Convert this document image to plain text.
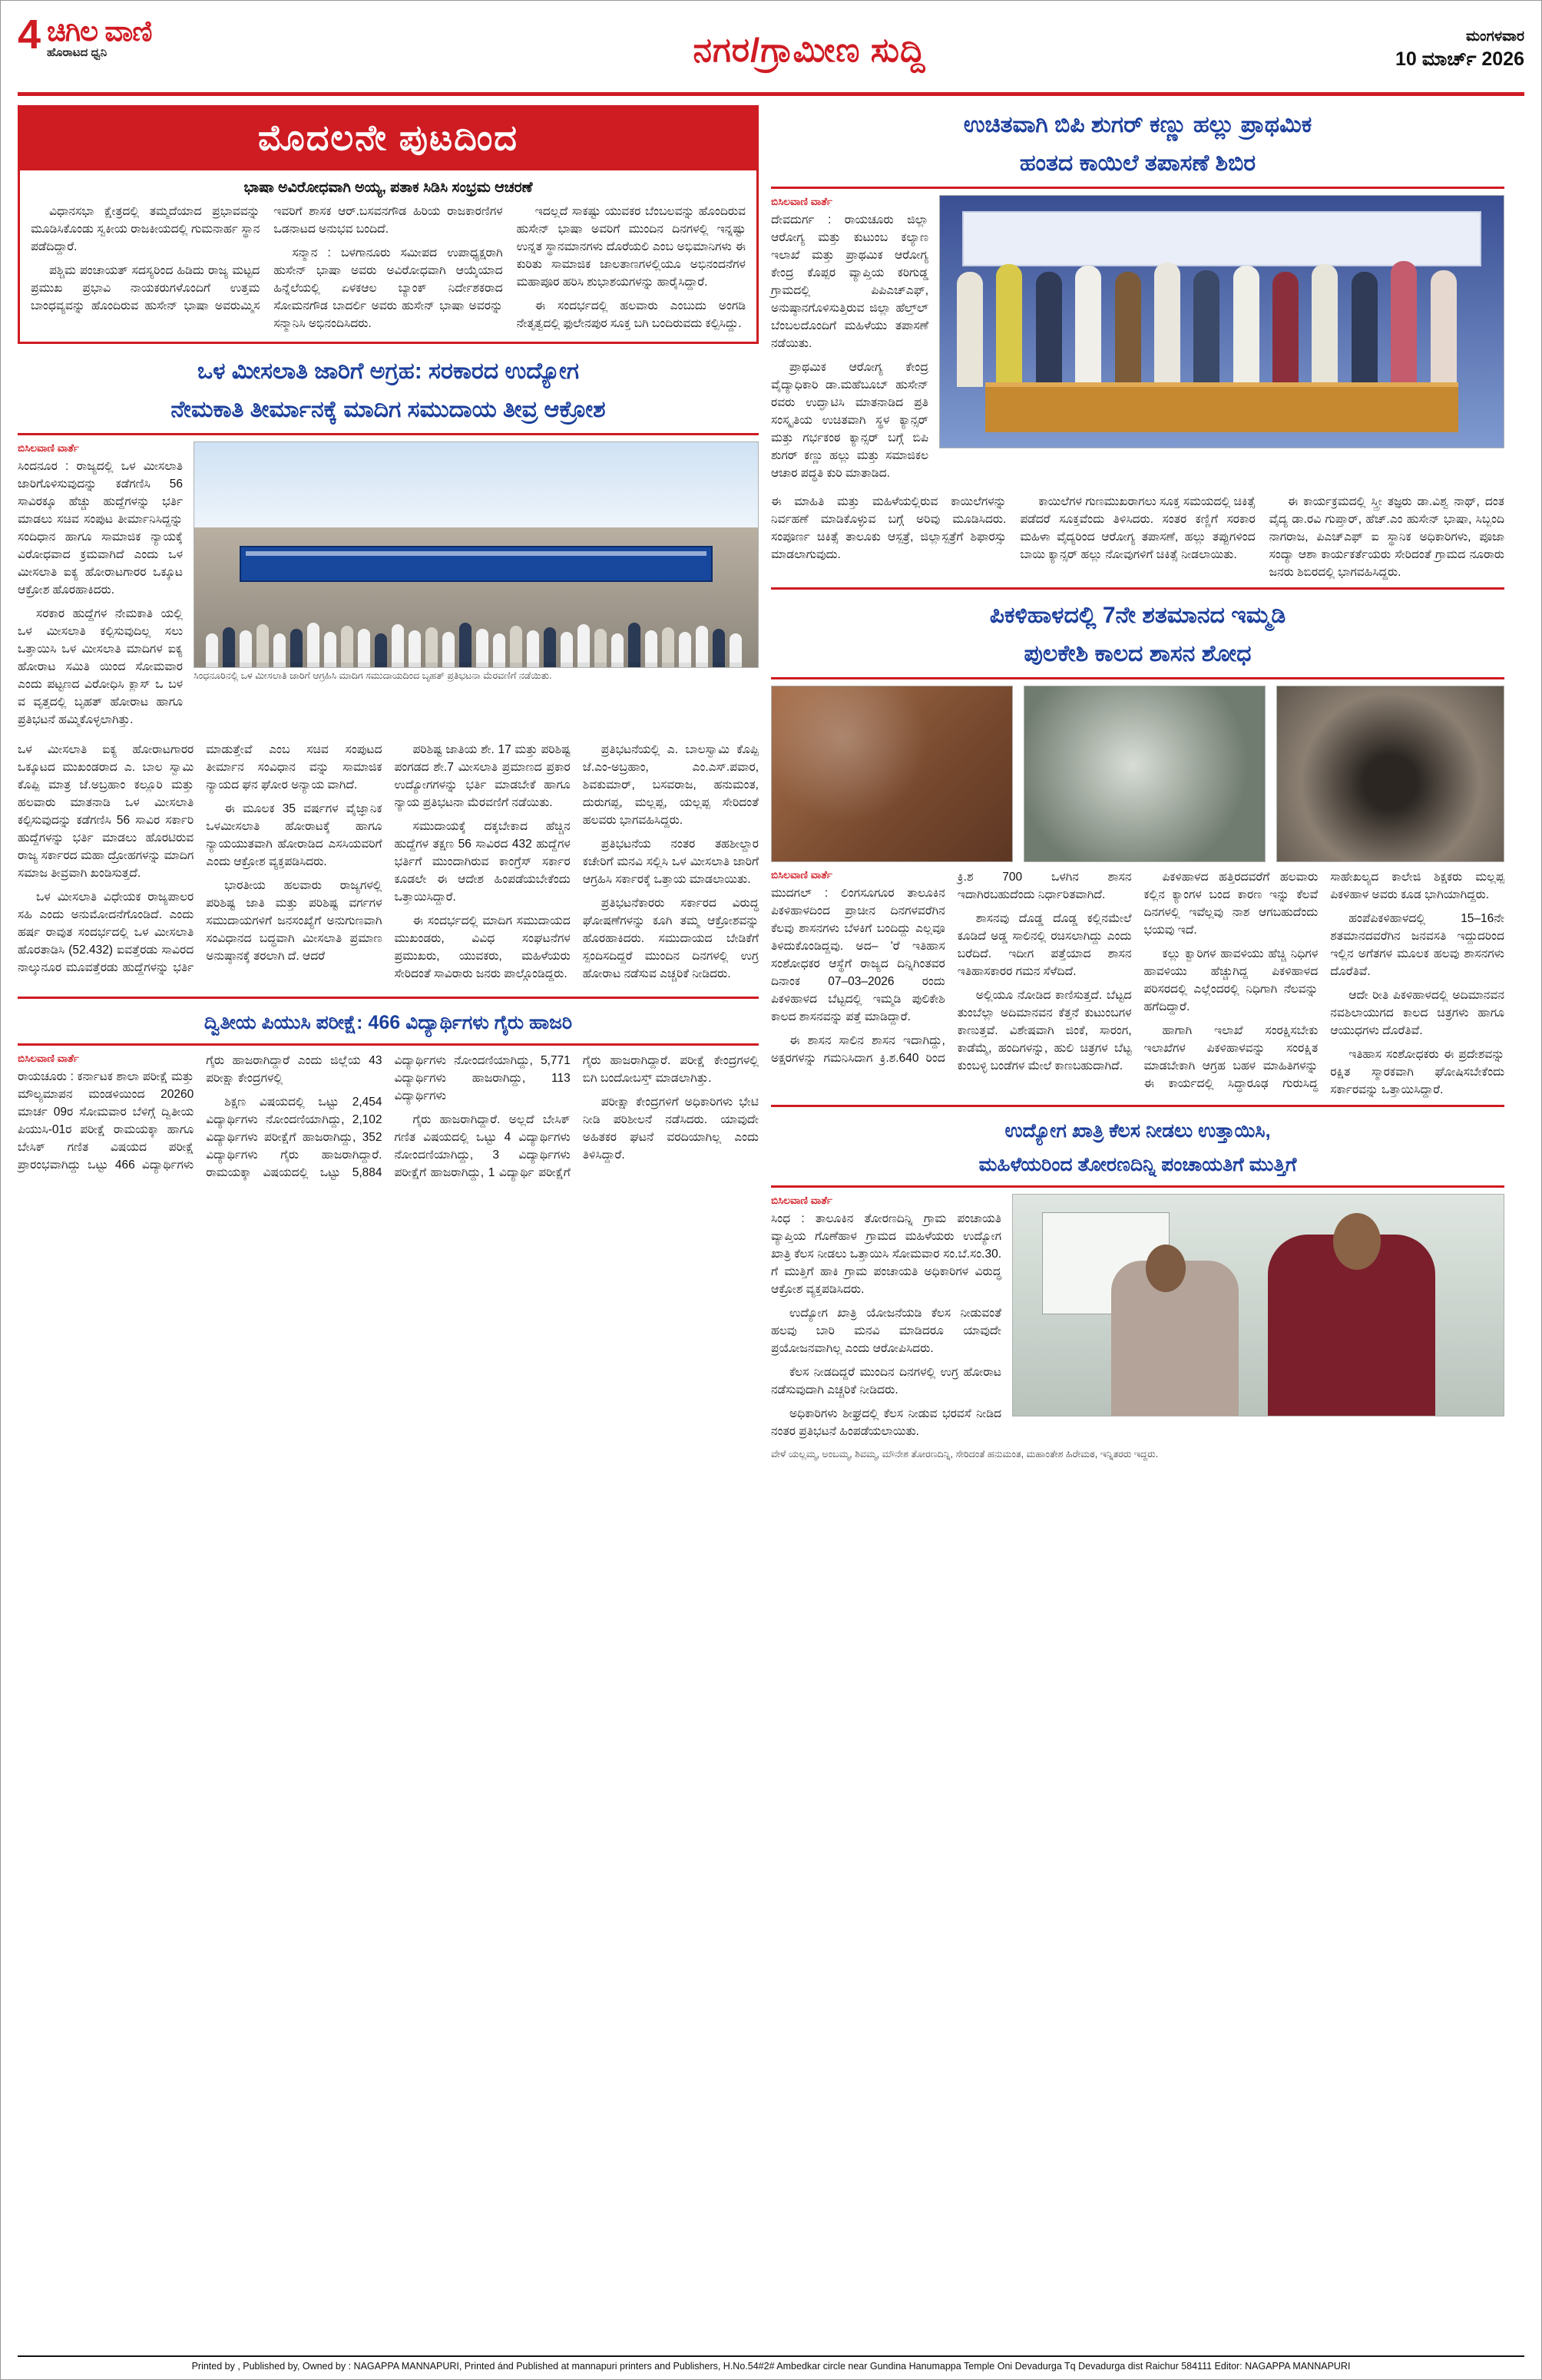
4 ಚಿಗಿಲ ವಾಣಿ
ಹೊರಾಟದ ಧ್ವನಿ	ನಗರ/ಗ್ರಾಮೀಣ ಸುದ್ದಿ	ಮಂಗಳವಾರ
10 ಮಾರ್ಚ್ 2026
ಮೊದಲನೇ ಪುಟದಿಂದ
ಭಾಷಾ ಅವಿರೋಧವಾಗಿ ಅಯ್ಯ, ಪತಾಕ ಸಿಡಿಸಿ ಸಂಭ್ರಮ ಆಚರಣೆ

ವಿಧಾನಸಭಾ ಕ್ಷೇತ್ರದಲ್ಲಿ ತಮ್ಮದೆಯಾದ ಪ್ರಭಾವವನ್ನು ಮೂಡಿಸಿಕೊಂಡು ಸ್ವಕೀಯ ರಾಜಕೀಯದಲ್ಲಿ ಗುಮನಾರ್ಹ ಸ್ಥಾನ ಪಡೆದಿದ್ದಾರೆ.

ಪಶ್ಚಿಮ ಪಂಚಾಯತ್ ಸದಸ್ಯರಿಂದ ಹಿಡಿದು ರಾಜ್ಯ ಮಟ್ಟದ ಪ್ರಮುಖ ಪ್ರಭಾವಿ ನಾಯಕರುಗಳೊಂದಿಗೆ ಉತ್ತಮ ಬಾಂಧವ್ಯವನ್ನು ಹೊಂದಿರುವ ಹುಸೇನ್ ಭಾಷಾ ಅವರುಮ್ಮಿಸ ಇವರಿಗೆ ಶಾಸಕ ಆರ್.ಬಸವನಗೌಡ ಹಿರಿಯ ರಾಜಕಾರಣಿಗಳ ಒಡನಾಟದ ಅನುಭವ ಬಂದಿದೆ.

ಸನ್ಮಾನ : ಬಳಗಾನೂರು ಸಮೀಪದ ಉಪಾಧ್ಯಕ್ಷರಾಗಿ ಹುಸೇನ್ ಭಾಷಾ ಅವರು ಅವಿರೋಧವಾಗಿ ಆಯ್ಕೆಯಾದ ಹಿನ್ನೆಲೆಯಲ್ಲಿ ಏಳಕಆಲ ಬ್ಯಾಂಕ್ ನಿರ್ದೇಶಕರಾದ ಸೋಮನಗೌಡ ಬಾದರ್ಲಿ ಅವರು ಹುಸೇನ್ ಭಾಷಾ ಅವರನ್ನು ಸನ್ಮಾನಿಸಿ ಅಭಿನಂದಿಸಿದರು.

ಇದಲ್ಲದೆ ಸಾಕಷ್ಟು ಯುವಕರ ಬೆಂಬಲವನ್ನು ಹೊಂದಿರುವ ಹುಸೇನ್ ಭಾಷಾ ಅವರಿಗೆ ಮುಂದಿನ ದಿನಗಳಲ್ಲಿ ಇನ್ನಷ್ಟು ಉನ್ನತ ಸ್ಥಾನಮಾನಗಳು ದೊರೆಯಲಿ ಎಂಬ ಅಭಿಮಾನಿಗಳು ಈ ಕುರಿತು ಸಾಮಾಜಿಕ ಜಾಲತಾಣಗಳಲ್ಲಿಯೂ ಅಭಿನಂದನೆಗಳ ಮಹಾಪೂರ ಹರಿಸಿ ಶುಭಾಶಯಗಳನ್ನು ಹಾರೈಸಿದ್ದಾರೆ.

ಈ ಸಂದರ್ಭದಲ್ಲಿ ಹಲವಾರು ಎಂಬುದು ಅಂಗಡಿ ನೇತೃತ್ವದಲ್ಲಿ ಫುಲೇನಪುರ ಸೂಕ್ತ ಬಗಿ ಬಂದಿರುವದು ಕಲ್ಪಿಸಿದ್ದು.

ಒಳ ಮೀಸಲಾತಿ ಜಾರಿಗೆ ಅಗ್ರಹ: ಸರಕಾರದ ಉದ್ಯೋಗ
ನೇಮಕಾತಿ ತೀರ್ಮಾನಕ್ಕೆ ಮಾದಿಗ ಸಮುದಾಯ ತೀವ್ರ ಆಕ್ರೋಶ
ಬಿಸಿಲವಾಣಿ ವಾರ್ತೆ

ಸಿಂದನೂರ : ರಾಜ್ಯದಲ್ಲಿ ಒಳ ಮೀಸಲಾತಿ ಜಾರಿಗೊಳಿಸುವುದನ್ನು ಕಡೆಗಣಿಸಿ 56 ಸಾವಿರಕ್ಕೂ ಹೆಚ್ಚು ಹುದ್ದೆಗಳನ್ನು ಭರ್ತಿ ಮಾಡಲು ಸಚಿವ ಸಂಪುಟ ತೀರ್ಮಾನಿಸಿದ್ದನ್ನು ಸಂದಿಧಾನ ಹಾಗೂ ಸಾಮಾಜಿಕ ನ್ಯಾಯಕ್ಕೆ ವಿರೋಧವಾದ ಕ್ರಮವಾಗಿದೆ ಎಂದು ಒಳ ಮೀಸಲಾತಿ ಐಕ್ಯ ಹೋರಾಟಗಾರರ ಒಕ್ಕೂಟ ಆಕ್ರೋಶ ಹೊರಹಾಕಿದರು.

ಸರಕಾರ ಹುದ್ದೆಗಳ ನೇಮಕಾತಿ ಯಲ್ಲಿ ಒಳ ಮೀಸಲಾತಿ ಕಲ್ಪಿಸುವುದಿಲ್ಲ ಸಲು ಒತ್ತಾಯಿಸಿ ಒಳ ಮೀಸಲಾತಿ ಮಾದಿಗಳ ಐಕ್ಯ ಹೋರಾಟ ಸಮಿತಿ ಯಿಂದ ಸೋಮವಾರ ಎಂದು ಪಟ್ಟಣದ ವಿರೋಧಿಸಿ ಕ್ಲಾಸ್ ಒ ಬಳ ವ ವೃತ್ತದಲ್ಲಿ ಬೃಹತ್ ಹೋರಾಟ ಹಾಗೂ ಪ್ರತಿಭಟನೆ ಹಮ್ಮಿಕೊಳ್ಳಲಾಗಿತ್ತು.

ಸಿಂಧನೂರಿನಲ್ಲಿ ಒಳ ಮೀಸಲಾತಿ ಜಾರಿಗೆ ಆಗ್ರಹಿಸಿ ಮಾದಿಗ ಸಮುದಾಯದಿಂದ ಬೃಹತ್ ಪ್ರತಿಭಟನಾ ಮೆರವಣಿಗೆ ನಡೆಯಿತು.

ಒಳ ಮೀಸಲಾತಿ ಐಕ್ಯ ಹೋರಾಟಗಾರರ ಒಕ್ಕೂಟದ ಮುಖಂಡರಾದ ಎ. ಬಾಲ ಸ್ವಾಮಿ ಕೊಪ್ಪಿ ಮಾತ್ರ ಜೆ.ಅಬ್ರಹಾಂ ಕಲ್ಲೂರಿ ಮತ್ತು ಹಲವಾರು ಮಾತನಾಡಿ ಒಳ ಮೀಸಲಾತಿ ಕಲ್ಪಿಸುವುದನ್ನು ಕಡೆಗಣಿಸಿ 56 ಸಾವಿರ ಸರ್ಕಾರಿ ಹುದ್ದೆಗಳನ್ನು ಭರ್ತಿ ಮಾಡಲು ಹೊರಟಿರುವ ರಾಜ್ಯ ಸರ್ಕಾರದ ಮಹಾ ದ್ರೋಹಗಳನ್ನು ಮಾದಿಗ ಸಮಾಜ ತೀವ್ರವಾಗಿ ಖಂಡಿಸುತ್ತದೆ.

ಒಳ ಮೀಸಲಾತಿ ವಿಧೇಯಕ ರಾಜ್ಯಪಾಲರ ಸಹಿ ಎಂದು ಅನುಮೋದನೆಗೊಂಡಿದೆ. ಎಂದು ಹರ್ಷ ರಾವುತ ಸಂದರ್ಭದಲ್ಲಿ ಒಳ ಮೀಸಲಾತಿ ಹೊರತಾಡಿಸಿ (52.432) ಐವತ್ತೆರಡು ಸಾವಿರದ ನಾಲ್ಕುನೂರ ಮೂವತ್ತೆರಡು ಹುದ್ದೆಗಳನ್ನು ಭರ್ತಿ ಮಾಡುತ್ತೇವೆ ಎಂಬ ಸಚಿವ ಸಂಪುಟದ ತೀರ್ಮಾನ ಸಂವಿಧಾನ ವನ್ನು ಸಾಮಾಜಿಕ ನ್ಯಾಯದ ಘನ ಘೋರ ಅನ್ಯಾಯ ವಾಗಿದೆ.

ಈ ಮೂಲಕ 35 ವರ್ಷಗಳ ವೈಜ್ಞಾನಿಕ ಒಳಮೀಸಲಾತಿ ಹೋರಾಟಕ್ಕೆ ಹಾಗೂ ನ್ಯಾಯಯುತವಾಗಿ ಹೋರಾಡಿದ ಎಸಸಿಯವರಿಗೆ ಎಂದು ಆಕ್ರೋಶ ವ್ಯಕ್ತಪಡಿಸಿದರು.

ಭಾರತೀಯ ಹಲವಾರು ರಾಜ್ಯಗಳಲ್ಲಿ ಪರಿಶಿಷ್ಟ ಜಾತಿ ಮತ್ತು ಪರಿಶಿಷ್ಟ ವರ್ಗಗಳ ಸಮುದಾಯಗಳಿಗೆ ಜನಸಂಖ್ಯೆಗೆ ಅನುಗುಣವಾಗಿ ಸಂವಿಧಾನದ ಬದ್ಧವಾಗಿ ಮೀಸಲಾತಿ ಪ್ರಮಾಣ ಅನುಷ್ಠಾನಕ್ಕೆ ತರಲಾಗಿ ದೆ. ಆದರೆ

ಪರಿಶಿಷ್ಟ ಜಾತಿಯ ಶೇ. 17 ಮತ್ತು ಪರಿಶಿಷ್ಟ ಪಂಗಡದ ಶೇ.7 ಮೀಸಲಾತಿ ಪ್ರಮಾಣದ ಪ್ರಕಾರ ಉದ್ಯೋಗಗಳನ್ನು ಭರ್ತಿ ಮಾಡಬೇಕೆ ಹಾಗೂ ನ್ಯಾಯ ಪ್ರತಿಭಟನಾ ಮೆರವಣಿಗೆ ನಡೆಯಿತು.

ಸಮುದಾಯಕ್ಕೆ ದಕ್ಕಬೇಕಾದ ಹೆಚ್ಚಿನ ಹುದ್ದೆಗಳ ತಕ್ಷಣ 56 ಸಾವಿರದ 432 ಹುದ್ದೆಗಳ ಭರ್ತಿಗೆ ಮುಂದಾಗಿರುವ ಕಾಂಗ್ರೆಸ್ ಸರ್ಕಾರ ಕೂಡಲೇ ಈ ಆದೇಶ ಹಿಂಪಡೆಯಬೇಕೆಂದು ಒತ್ತಾಯಿಸಿದ್ದಾರೆ.

ಈ ಸಂದರ್ಭದಲ್ಲಿ ಮಾದಿಗ ಸಮುದಾಯದ ಮುಖಂಡರು, ವಿವಿಧ ಸಂಘಟನೆಗಳ ಪ್ರಮುಖರು, ಯುವಕರು, ಮಹಿಳೆಯರು ಸೇರಿದಂತೆ ಸಾವಿರಾರು ಜನರು ಪಾಲ್ಗೊಂಡಿದ್ದರು.

ಪ್ರತಿಭಟನೆಯಲ್ಲಿ ಎ. ಬಾಲಸ್ವಾಮಿ ಕೊಪ್ಪಿ ಜೆ.ಎಂ-ಅಬ್ರಹಾಂ, ಎಂ.ಎಸ್.ಪವಾರ, ಶಿವಕುಮಾರ್, ಬಸವರಾಜ, ಹನುಮಂತ, ದುರುಗಪ್ಪ, ಮಲ್ಲಪ್ಪ, ಯಲ್ಲಪ್ಪ ಸೇರಿದಂತೆ ಹಲವರು ಭಾಗವಹಿಸಿದ್ದರು.

ಪ್ರತಿಭಟನೆಯ ನಂತರ ತಹಶೀಲ್ದಾರ ಕಚೇರಿಗೆ ಮನವಿ ಸಲ್ಲಿಸಿ ಒಳ ಮೀಸಲಾತಿ ಜಾರಿಗೆ ಆಗ್ರಹಿಸಿ ಸರ್ಕಾರಕ್ಕೆ ಒತ್ತಾಯ ಮಾಡಲಾಯಿತು.

ಪ್ರತಿಭಟನೆಕಾರರು ಸರ್ಕಾರದ ವಿರುದ್ಧ ಘೋಷಣೆಗಳನ್ನು ಕೂಗಿ ತಮ್ಮ ಆಕ್ರೋಶವನ್ನು ಹೊರಹಾಕಿದರು. ಸಮುದಾಯದ ಬೇಡಿಕೆಗೆ ಸ್ಪಂದಿಸದಿದ್ದರೆ ಮುಂದಿನ ದಿನಗಳಲ್ಲಿ ಉಗ್ರ ಹೋರಾಟ ನಡೆಸುವ ಎಚ್ಚರಿಕೆ ನೀಡಿದರು.

ದ್ವಿತೀಯ ಪಿಯುಸಿ ಪರೀಕ್ಷೆ: 466 ವಿದ್ಯಾರ್ಥಿಗಳು ಗೈರು ಹಾಜರಿ
ಬಿಸಿಲವಾಣಿ ವಾರ್ತೆ

ರಾಯಚೂರು : ಕರ್ನಾಟಕ ಶಾಲಾ ಪರೀಕ್ಷೆ ಮತ್ತು ಮೌಲ್ಯಮಾಪನ ಮಂಡಳಿಯಿಂದ 20260 ಮಾರ್ಚ 09ರ ಸೋಮವಾರ ಬೆಳಿಗ್ಗೆ ದ್ವಿತೀಯ ಪಿಯುಸಿ-01ರ ಪರೀಕ್ಷೆ ರಾಮಯಕ್ಕಾ ಹಾಗೂ ಬೇಸಿಕ್ ಗಣಿತ ವಿಷಯದ ಪರೀಕ್ಷೆ ಪ್ರಾರಂಭವಾಗಿದ್ದು ಒಟ್ಟು 466 ವಿದ್ಯಾರ್ಥಿಗಳು ಗೈರು ಹಾಜರಾಗಿದ್ದಾರೆ ಎಂದು ಜಿಲ್ಲೆಯ 43 ಪರೀಕ್ಷಾ ಕೇಂದ್ರಗಳಲ್ಲಿ

ಶಿಕ್ಷಣ ವಿಷಯದಲ್ಲಿ ಒಟ್ಟು 2,454 ವಿದ್ಯಾರ್ಥಿಗಳು ನೋಂದಣಿಯಾಗಿದ್ದು, 2,102 ವಿದ್ಯಾರ್ಥಿಗಳು ಪರೀಕ್ಷೆಗೆ ಹಾಜರಾಗಿದ್ದು, 352 ವಿದ್ಯಾರ್ಥಿಗಳು ಗೈರು ಹಾಜರಾಗಿದ್ದಾರೆ. ರಾಮಯಕ್ಕಾ ವಿಷಯದಲ್ಲಿ ಒಟ್ಟು 5,884 ವಿದ್ಯಾರ್ಥಿಗಳು ನೋಂದಣಿಯಾಗಿದ್ದು, 5,771 ವಿದ್ಯಾರ್ಥಿಗಳು ಹಾಜರಾಗಿದ್ದು, 113 ವಿದ್ಯಾರ್ಥಿಗಳು

ಗೈರು ಹಾಜರಾಗಿದ್ದಾರೆ. ಅಲ್ಲದೆ ಬೇಸಿಕ್ ಗಣಿತ ವಿಷಯದಲ್ಲಿ ಒಟ್ಟು 4 ವಿದ್ಯಾರ್ಥಿಗಳು ನೋಂದಣಿಯಾಗಿದ್ದು, 3 ವಿದ್ಯಾರ್ಥಿಗಳು ಪರೀಕ್ಷೆಗೆ ಹಾಜರಾಗಿದ್ದು, 1 ವಿದ್ಯಾರ್ಥಿ ಪರೀಕ್ಷೆಗೆ ಗೈರು ಹಾಜರಾಗಿದ್ದಾರೆ. ಪರೀಕ್ಷೆ ಕೇಂದ್ರಗಳಲ್ಲಿ ಬಿಗಿ ಬಂದೋಬಸ್ತ್ ಮಾಡಲಾಗಿತ್ತು.

ಪರೀಕ್ಷಾ ಕೇಂದ್ರಗಳಿಗೆ ಅಧಿಕಾರಿಗಳು ಭೇಟಿ ನೀಡಿ ಪರಿಶೀಲನೆ ನಡೆಸಿದರು. ಯಾವುದೇ ಅಹಿತಕರ ಘಟನೆ ವರದಿಯಾಗಿಲ್ಲ ಎಂದು ತಿಳಿಸಿದ್ದಾರೆ.

ಉಚಿತವಾಗಿ ಬಿಪಿ ಶುಗರ್ ಕಣ್ಣು ಹಲ್ಲು ಪ್ರಾಥಮಿಕ
ಹಂತದ ಕಾಯಿಲೆ ತಪಾಸಣೆ ಶಿಬಿರ
ಬಿಸಿಲವಾಣಿ ವಾರ್ತೆ

ದೇವದುರ್ಗ : ರಾಯಚೂರು ಜಿಲ್ಲಾ ಆರೋಗ್ಯ ಮತ್ತು ಕುಟುಂಬ ಕಲ್ಯಾಣ ಇಲಾಖೆ ಮತ್ತು ಪ್ರಾಥಮಿಕ ಆರೋಗ್ಯ ಕೇಂದ್ರ ಕೊಪ್ಪರ ವ್ಯಾಪ್ತಿಯ ಕರಿಗುಡ್ಡ ಗ್ರಾಮದಲ್ಲಿ ಪಿಪಿಎಚ್ಎಫ್, ಅನುಷ್ಠಾನಗೊಳಿಸುತ್ತಿರುವ ಜಿಲ್ಲಾ ಹೆಲ್ತ್‌ಲ್ ಬೆಂಬಲದೊಂದಿಗೆ ಮಹಿಳೆಯು ತಪಾಸಣೆ ನಡೆಯಿತು.

ಪ್ರಾಥಮಿಕ ಆರೋಗ್ಯ ಕೇಂದ್ರ ವೈದ್ಯಾಧಿಕಾರಿ ಡಾ.ಮಹೆಬೂಬ್ ಹುಸೇನ್ ರವರು ಉದ್ಘಾಟಿಸಿ ಮಾತನಾಡಿದ ಪ್ರತಿ ಸಂಸ್ಕೃತಿಯ ಉಚಿತವಾಗಿ ಸ್ಥಳ ಕ್ಯಾನ್ಸರ್ ಮತ್ತು ಗರ್ಭಕಂಠ ಕ್ಯಾನ್ಸರ್ ಬಗ್ಗೆ ಬಿಪಿ ಶುಗರ್ ಕಣ್ಣು ಹಲ್ಲು ಮತ್ತು ಸಮಾಜಿಕಲ ಆಚಾರ ಪದ್ಧತಿ ಕುರಿ ಮಾತಾಡಿದ.

ಈ ಮಾಹಿತಿ ಮತ್ತು ಮಹಿಳೆಯಲ್ಲಿರುವ ಕಾಯಿಲೆಗಳನ್ನು ನಿರ್ವಹಣೆ ಮಾಡಿಕೊಳ್ಳುವ ಬಗ್ಗೆ ಅರಿವು ಮೂಡಿಸಿದರು. ಸಂಪೂರ್ಣ ಚಿಕಿತ್ಸೆ ತಾಲೂಕು ಆಸ್ಪತ್ರೆ, ಜಿಲ್ಲಾಸ್ಪತ್ರೆಗೆ ಶಿಫಾರಸ್ಸು ಮಾಡಲಾಗುವುದು.

ಕಾಯಿಲೆಗಳ ಗುಣಮುಖರಾಗಲು ಸೂಕ್ತ ಸಮಯದಲ್ಲಿ ಚಿಕಿತ್ಸೆ ಪಡೆದರೆ ಸೂಕ್ತವೆಂದು ತಿಳಿಸಿದರು. ಸಂತರ ಕಣ್ಣಿಗೆ ಸರಕಾರ ಮಹಿಳಾ ವೈದ್ಯರಿಂದ ಆರೋಗ್ಯ ತಪಾಸಣೆ, ಹಲ್ಲು ತಪ್ಪುಗಳಿಂದ ಬಾಯಿ ಕ್ಯಾನ್ಸರ್ ಹಲ್ಲು ನೋವುಗಳಿಗೆ ಚಿಕಿತ್ಸೆ ನೀಡಲಾಯಿತು.

ಈ ಕಾರ್ಯಕ್ರಮದಲ್ಲಿ ಸ್ತ್ರೀ ತಜ್ಞರು ಡಾ.ವಿಶ್ವ ನಾಥ್, ದಂತ ವೈದ್ಯ ಡಾ.ರವಿ ಗುಪ್ತಾರ್, ಹೆಚ್.ಎಂ ಹುಸೇನ್ ಭಾಷಾ, ಸಿಬ್ಬಂದಿ ನಾಗರಾಜ, ಪಿಎಚ್ಎಫ್ ಐ ಸ್ಥಾನಿಕ ಅಧಿಕಾರಿಗಳು, ಪೂಜಾ ಸಂದ್ಯಾ ಆಶಾ ಕಾರ್ಯಕರ್ತೆಯರು ಸೇರಿದಂತೆ ಗ್ರಾಮದ ನೂರಾರು ಜನರು ಶಿಬಿರದಲ್ಲಿ ಭಾಗವಹಿಸಿದ್ದರು.

ಪಿಕಳಿಹಾಳದಲ್ಲಿ 7ನೇ ಶತಮಾನದ ಇಮ್ಮಡಿ
ಪುಲಕೇಶಿ ಕಾಲದ ಶಾಸನ ಶೋಧ
ಬಿಸಿಲವಾಣಿ ವಾರ್ತೆ

ಮುದಗಲ್ : ಲಿಂಗಸೂಗೂರ ತಾಲೂಕಿನ ಪಿಕಳಿಹಾಳದಿಂದ ಪ್ರಾಚೀನ ದಿನಗಳವರೆಗಿನ ಕೆಲವು ಶಾಸನಗಳು ಬೆಳಕಿಗೆ ಬಂದಿದ್ದು ಎಲ್ಲವೂ ತಿಳಿದುಕೊಂಡಿದ್ದವು. ಅದ– 'ರೆ ಇತಿಹಾಸ ಸಂಶೋಧಕರ ಆಸ್ಥೆಗೆ ರಾಜ್ಯದ ದಿನ್ನಿಗಿಂತವರ ದಿನಾಂಕ 07–03–2026 ರಂದು ಪಿಕಳಿಹಾಳದ ಬೆಟ್ಟದಲ್ಲಿ ಇಮ್ಮಡಿ ಪುಲಿಕೇಶಿ ಕಾಲದ ಶಾಸನವನ್ನು ಪತ್ತೆ ಮಾಡಿದ್ದಾರೆ.

ಈ ಶಾಸನ ಸಾಲಿನ ಶಾಸನ ಇದಾಗಿದ್ದು, ಅಕ್ಷರಗಳನ್ನು ಗಮನಿಸಿದಾಗ ಕ್ರಿ.ಶ.640 ರಿಂದ ಕ್ರಿ.ಶ 700 ಒಳಗಿನ ಶಾಸನ ಇದಾಗಿರಬಹುದೆಂದು ನಿರ್ಧಾರಿತವಾಗಿದೆ.

ಶಾಸನವು ದೊಡ್ಡ ದೊಡ್ಡ ಕಲ್ಲಿನಮೇಲೆ ಕೂಡಿದೆ ಅಡ್ಡ ಸಾಲಿನಲ್ಲಿ ರಚಿಸಲಾಗಿದ್ದು ಎಂದು ಬರೆದಿದೆ. ಇದೀಗ ಪತ್ತೆಯಾದ ಶಾಸನ ಇತಿಹಾಸಕಾರರ ಗಮನ ಸೆಳೆದಿದೆ.

ಅಲ್ಲಿಯೂ ನೋಡಿದ ಕಾಣಿಸುತ್ತದೆ. ಬೆಟ್ಟದ ತುಂಬೆಲ್ಲಾ ಅದಿಮಾನವನ ಕೆತ್ತನೆ ಕುಟುಂಬಗಳ ಕಾಣುತ್ತವೆ. ವಿಶೇಷವಾಗಿ ಜಿಂಕೆ, ಸಾರಂಗ, ಕಾಡೆಮ್ಮೆ, ಹಂದಿಗಳನ್ನು, ಹುಲಿ ಚಿತ್ರಗಳ ಬೆಟ್ಟ ಕುಂಬಳ್ಳಿ ಬಂಡೆಗಳ ಮೇಲೆ ಕಾಣಬಹುದಾಗಿದೆ.

ಪಿಕಳಿಹಾಳದ ಹತ್ತಿರದವರೆಗೆ ಹಲವಾರು ಕಲ್ಲಿನ ಕ್ಯಾಂಗಳ ಬಂದ ಕಾರಣ ಇನ್ನು ಕೆಲವೆ ದಿನಗಳಲ್ಲಿ ಇವೆಲ್ಲವು ನಾಶ ಆಗಬಹುದೆಂದು ಭಯವು ಇದೆ.

ಕಲ್ಲು ಕ್ವಾರಿಗಳ ಹಾವಳಿಯು ಹೆಚ್ಚಿ ನಿಧಿಗಳ ಹಾವಳಿಯು ಹೆಚ್ಚುಗಿದ್ದ ಪಿಕಳಿಹಾಳದ ಪರಿಸರದಲ್ಲಿ ಎಲ್ಲೆಂದರಲ್ಲಿ ನಿಧಿಗಾಗಿ ನೆಲವನ್ನು ಹಗೆದಿದ್ದಾರೆ.

ಹಾಗಾಗಿ ಇಲಾಖೆ ಸಂರಕ್ಷಿಸಬೇಕು ಇಲಾಖೆಗಳ ಪಿಕಳಿಹಾಳವನ್ನು ಸಂರಕ್ಷಿತ ಮಾಡಬೇಕಾಗಿ ಆಗ್ರಹ ಬಹಳ ಮಾಹಿತಿಗಳನ್ನು ಈ ಕಾರ್ಯದಲ್ಲಿ ಸಿದ್ಧಾರೂಢ ಗುರುಸಿದ್ಧ ಸಾಹೇಖಲ್ಯದ ಕಾಲೇಜಿ ಶಿಕ್ಷಕರು ಮಲ್ಲಪ್ಪ ಪಿಕಳಿಹಾಳ ಅವರು ಕೂಡ ಭಾಗಿಯಾಗಿದ್ದರು.

ಹಂಪೆಪಿಕಳಿಹಾಳದಲ್ಲಿ 15–16ನೇ ಶತಮಾನದವರೆಗಿನ ಜನವಸತಿ ಇದ್ದುದರಿಂದ ಇಲ್ಲಿನ ಅಗೆತಗಳ ಮೂಲಕ ಹಲವು ಶಾಸನಗಳು ದೊರೆತಿವೆ.

ಆದೇ ರೀತಿ ಪಿಕಳಿಹಾಳದಲ್ಲಿ ಅದಿಮಾನವನ ನವಶಿಲಾಯುಗದ ಕಾಲದ ಚಿತ್ರಗಳು ಹಾಗೂ ಆಯುಧಗಳು ದೊರೆತಿವೆ.

ಇತಿಹಾಸ ಸಂಶೋಧಕರು ಈ ಪ್ರದೇಶವನ್ನು ರಕ್ಷಿತ ಸ್ಮಾರಕವಾಗಿ ಘೋಷಿಸಬೇಕೆಂದು ಸರ್ಕಾರವನ್ನು ಒತ್ತಾಯಿಸಿದ್ದಾರೆ.

ಉದ್ಯೋಗ ಖಾತ್ರಿ ಕೆಲಸ ನೀಡಲು ಉತ್ತಾಯಿಸಿ,
ಮಹಿಳೆಯರಿಂದ ತೋರಣದಿನ್ನಿ ಪಂಚಾಯತಿಗೆ ಮುತ್ತಿಗೆ
ಬಿಸಿಲವಾಣಿ ವಾರ್ತೆ

ಸಿಂಧ : ತಾಲೂಕಿನ ತೋರಣದಿನ್ನಿ ಗ್ರಾಮ ಪಂಚಾಯತಿ ವ್ಯಾಪ್ತಿಯ ಗೊಣೆಹಾಳ ಗ್ರಾಮದ ಮಹಿಳೆಯರು ಉದ್ಯೋಗ ಖಾತ್ರಿ ಕೆಲಸ ನೀಡಲು ಒತ್ತಾಯಿಸಿ ಸೋಮವಾರ ಸಂ.ಬೆ.ಸಂ.30. ಗೆ ಮುತ್ತಿಗೆ ಹಾಕಿ ಗ್ರಾಮ ಪಂಚಾಯತಿ ಅಧಿಕಾರಿಗಳ ವಿರುದ್ಧ ಆಕ್ರೋಶ ವ್ಯಕ್ತಪಡಿಸಿದರು.

ಉದ್ಯೋಗ ಖಾತ್ರಿ ಯೋಜನೆಯಡಿ ಕೆಲಸ ನೀಡುವಂತೆ ಹಲವು ಬಾರಿ ಮನವಿ ಮಾಡಿದರೂ ಯಾವುದೇ ಪ್ರಯೋಜನವಾಗಿಲ್ಲ ಎಂದು ಆರೋಪಿಸಿದರು.

ಕೆಲಸ ನೀಡದಿದ್ದರೆ ಮುಂದಿನ ದಿನಗಳಲ್ಲಿ ಉಗ್ರ ಹೋರಾಟ ನಡೆಸುವುದಾಗಿ ಎಚ್ಚರಿಕೆ ನೀಡಿದರು.

ಅಧಿಕಾರಿಗಳು ಶೀಘ್ರದಲ್ಲಿ ಕೆಲಸ ನೀಡುವ ಭರವಸೆ ನೀಡಿದ ನಂತರ ಪ್ರತಿಭಟನೆ ಹಿಂಪಡೆಯಲಾಯಿತು.

ವೇಳೆ ಯಲ್ಲಮ್ಮ, ಅಂಬಮ್ಮ, ಶಿವಮ್ಮ, ಮೌನೇಶ ತೋರಣದಿನ್ನಿ, ಸೇರಿದಂತೆ ಹನುಮಂತ, ಮಹಾಂತೇಶ ಹಿರೇಮಠ, ಇನ್ನಿತರರು ಇದ್ದರು.
Printed by , Published by, Owned by : NAGAPPA MANNAPURI, Printed ánd Published at mannapuri printers and Publishers, H.No.54#2# Ambedkar circle near Gundina Hanumappa Temple Oni Devadurga Tq Devadurga dist Raichur 584111 Editor: NAGAPPA MANNAPURI
